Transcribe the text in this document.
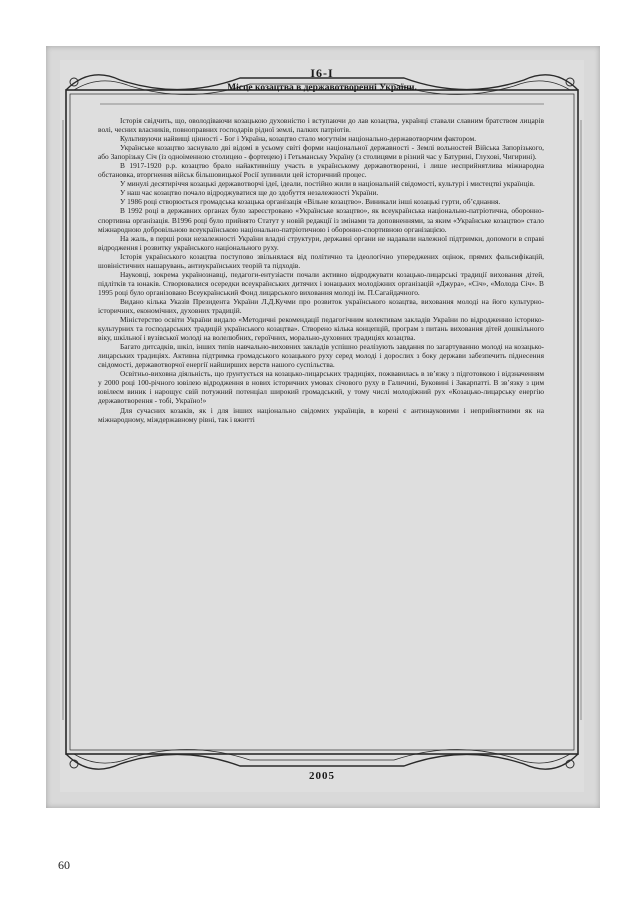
I6-I
Місце козацтва в державотворенні України.

Історія свідчить, що, оволодіваючи козацькою духовністю і вступаючи до лав козацтва, українці ставали славним братством лицарів волі, чесних власників, повноправних господарів рідної землі, палких патріотів.

Культивуючи найвищі цінності - Бог і Україна, козацтво стало могутнім національно-державотворчим фактором.

Українське козацтво заснувало дві відомі в усьому світі форми національної державності - Землі вольностей Війська Запорізького, або Запорізьку Січ (із одноіменною столицею - фортецею) і Гетьманську Україну (з столицями в різний час у Батурині, Глухові, Чигирині).

В 1917-1920 р.р. козацтво брало найактивнішу участь в українському державотворенні, і лише несприйнятлива міжнародна обстановка, вторгнення військ більшовицької Росії зупинили цей історичний процес.

У минулі десятиріччя козацькі державотворчі ідеї, ідеали, постійно жили в національній свідомості, культурі і мистецтві українців.

У наш час козацтво почало відроджуватися ще до здобуття незалежності України.

У 1986 році створюється громадська козацька організація «Вільне козацтво». Виникали інші козацькі гурти, об’єднання.

В 1992 році в державних органах було зареєстровано «Українське козацтво», як всеукраїнська національно-патріотична, оборонно-спортивна організація. В1996 році було прийнято Статут у новій редакції із змінами та доповненнями, за яким «Українське козацтво» стало міжнародною добровільною всеукраїнською національно-патріотичною і оборонно-спортивною організацією.

На жаль, в перші роки незалежності України владні структури, державні органи не надавали належної підтримки, допомоги в справі відродження і розвитку українського національного руху.

Історія українського козацтва поступово звільнялася від політично та ідеологічно упереджених оцінок, прямих фальсифікацій, шовіністичних нашарувань, антиукраїнських теорій та підходів.

Науковці, зокрема українознавці, педагоги-ентузіасти почали активно відроджувати козацько-лицарські традиції виховання дітей, підлітків та юнаків. Створювалися осередки всеукраїнських дитячих і юнацьких молодіжних організацій «Джура», «Січ», «Молода Січ». В 1995 році було організовано Всеукраїнський Фонд лицарського виховання молоді ім. П.Сагайдачного.

Видано кілька Указів Президента України Л.Д.Кучми про розвиток українського козацтва, виховання молоді на його культурно-історичних, економічних, духовних традицій.

Міністерство освіти України видало «Методичні рекомендації педагогічним колективам закладів України по відродженню історико-культурних та господарських традицій українського козацтва». Створено кілька концепцій, програм з питань виховання дітей дошкільного віку, шкільної і вузівської молоді на волелюбних, героїчних, морально-духовних традиціях козацтва.

Багато дитсадків, шкіл, інших типів навчально-виховних закладів успішно реалізують завдання по загартуванню молоді на козацько-лицарських традиціях. Активна підтримка громадського козацького руху серед молоді і дорослих з боку держави забезпечить піднесення свідомості, державотворчої енергії найширших верств нашого суспільства.

Освітньо-виховна діяльність, що ґрунтується на козацько-лицарських традиціях, пожвавилась в зв’язку з підготовкою і відзначенням у 2000 році 100-річного ювілею відродження в нових історичних умовах січового руху в Галичині, Буковині і Закарпатті. В зв’язку з цим ювілеєм виник і нарощує свій потужний потенціал широкий громадський, у тому числі молодіжний рух «Козацько-лицарську енергію державотворення - тобі, Україно!»

Для сучасних козаків, як і для інших національно свідомих українців, в корені є антинауковими і неприйнятними як на міжнародному, міждержавному рівні, так і вжитті

2005
60
